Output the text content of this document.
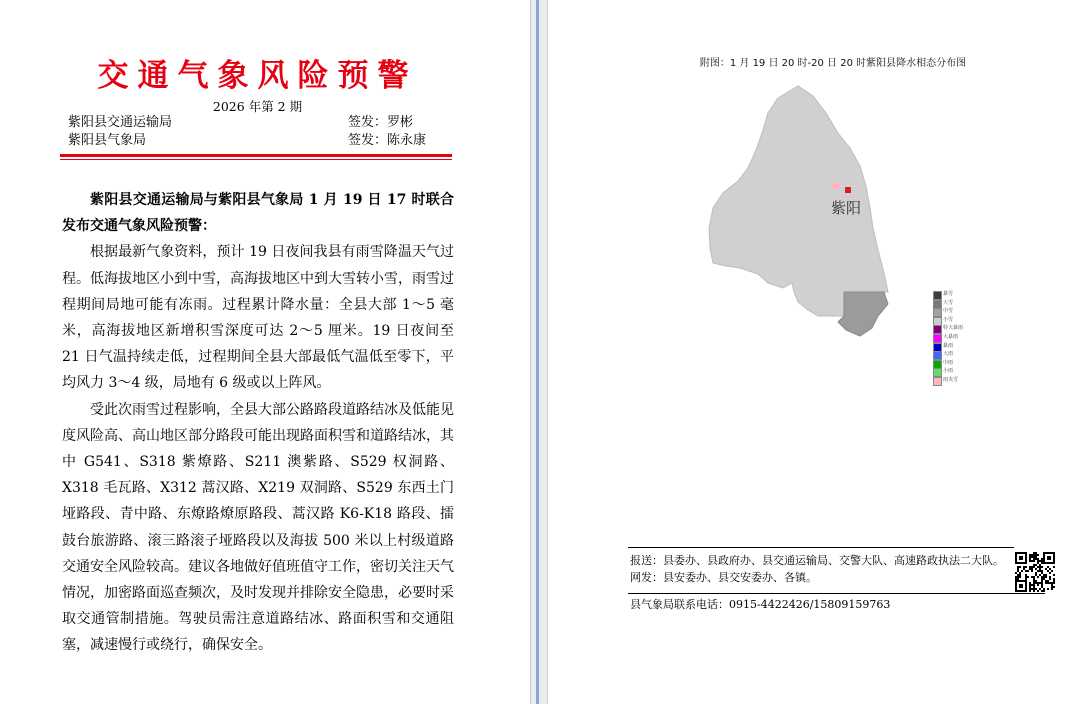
交通气象风险预警
2026 年第 2 期
紫阳县交通运输局	签发：罗彬
紫阳县气象局	签发：陈永康

紫阳县交通运输局与紫阳县气象局 1 月 19 日 17 时联合发布交通气象风险预警：

根据最新气象资料，预计 19 日夜间我县有雨雪降温天气过程。低海拔地区小到中雪，高海拔地区中到大雪转小雪，雨雪过程期间局地可能有冻雨。过程累计降水量：全县大部 1～5 毫米，高海拔地区新增积雪深度可达 2～5 厘米。19 日夜间至 21 日气温持续走低，过程期间全县大部最低气温低至零下，平均风力 3～4 级，局地有 6 级或以上阵风。

受此次雨雪过程影响，全县大部公路路段道路结冰及低能见度风险高、高山地区部分路段可能出现路面积雪和道路结冰，其中 G541、S318 紫燎路、S211 澳紫路、S529 权洞路、X318 毛瓦路、X312 蒿汉路、X219 双洞路、S529 东西土门垭路段、青中路、东燎路燎原路段、蒿汉路 K6-K18 路段、擂鼓台旅游路、滚三路滚子垭路段以及海拔 500 米以上村级道路交通安全风险较高。建议各地做好值班值守工作，密切关注天气情况，加密路面巡查频次，及时发现并排除安全隐患，必要时采取交通管制措施。驾驶员需注意道路结冰、路面积雪和交通阻塞，减速慢行或绕行，确保安全。

附图：1 月 19 日 20 时-20 日 20 时紫阳县降水相态分布图
紫阳
暴雪
大雪
中雪
小雪
特大暴雨
大暴雨
暴雨
大雨
中雨
小雨
雨夹雪
报送：县委办、县政府办、县交通运输局、交警大队、高速路政执法二大队。
网发：县安委办、县交安委办、各镇。
县气象局联系电话：0915-4422426/15809159763
